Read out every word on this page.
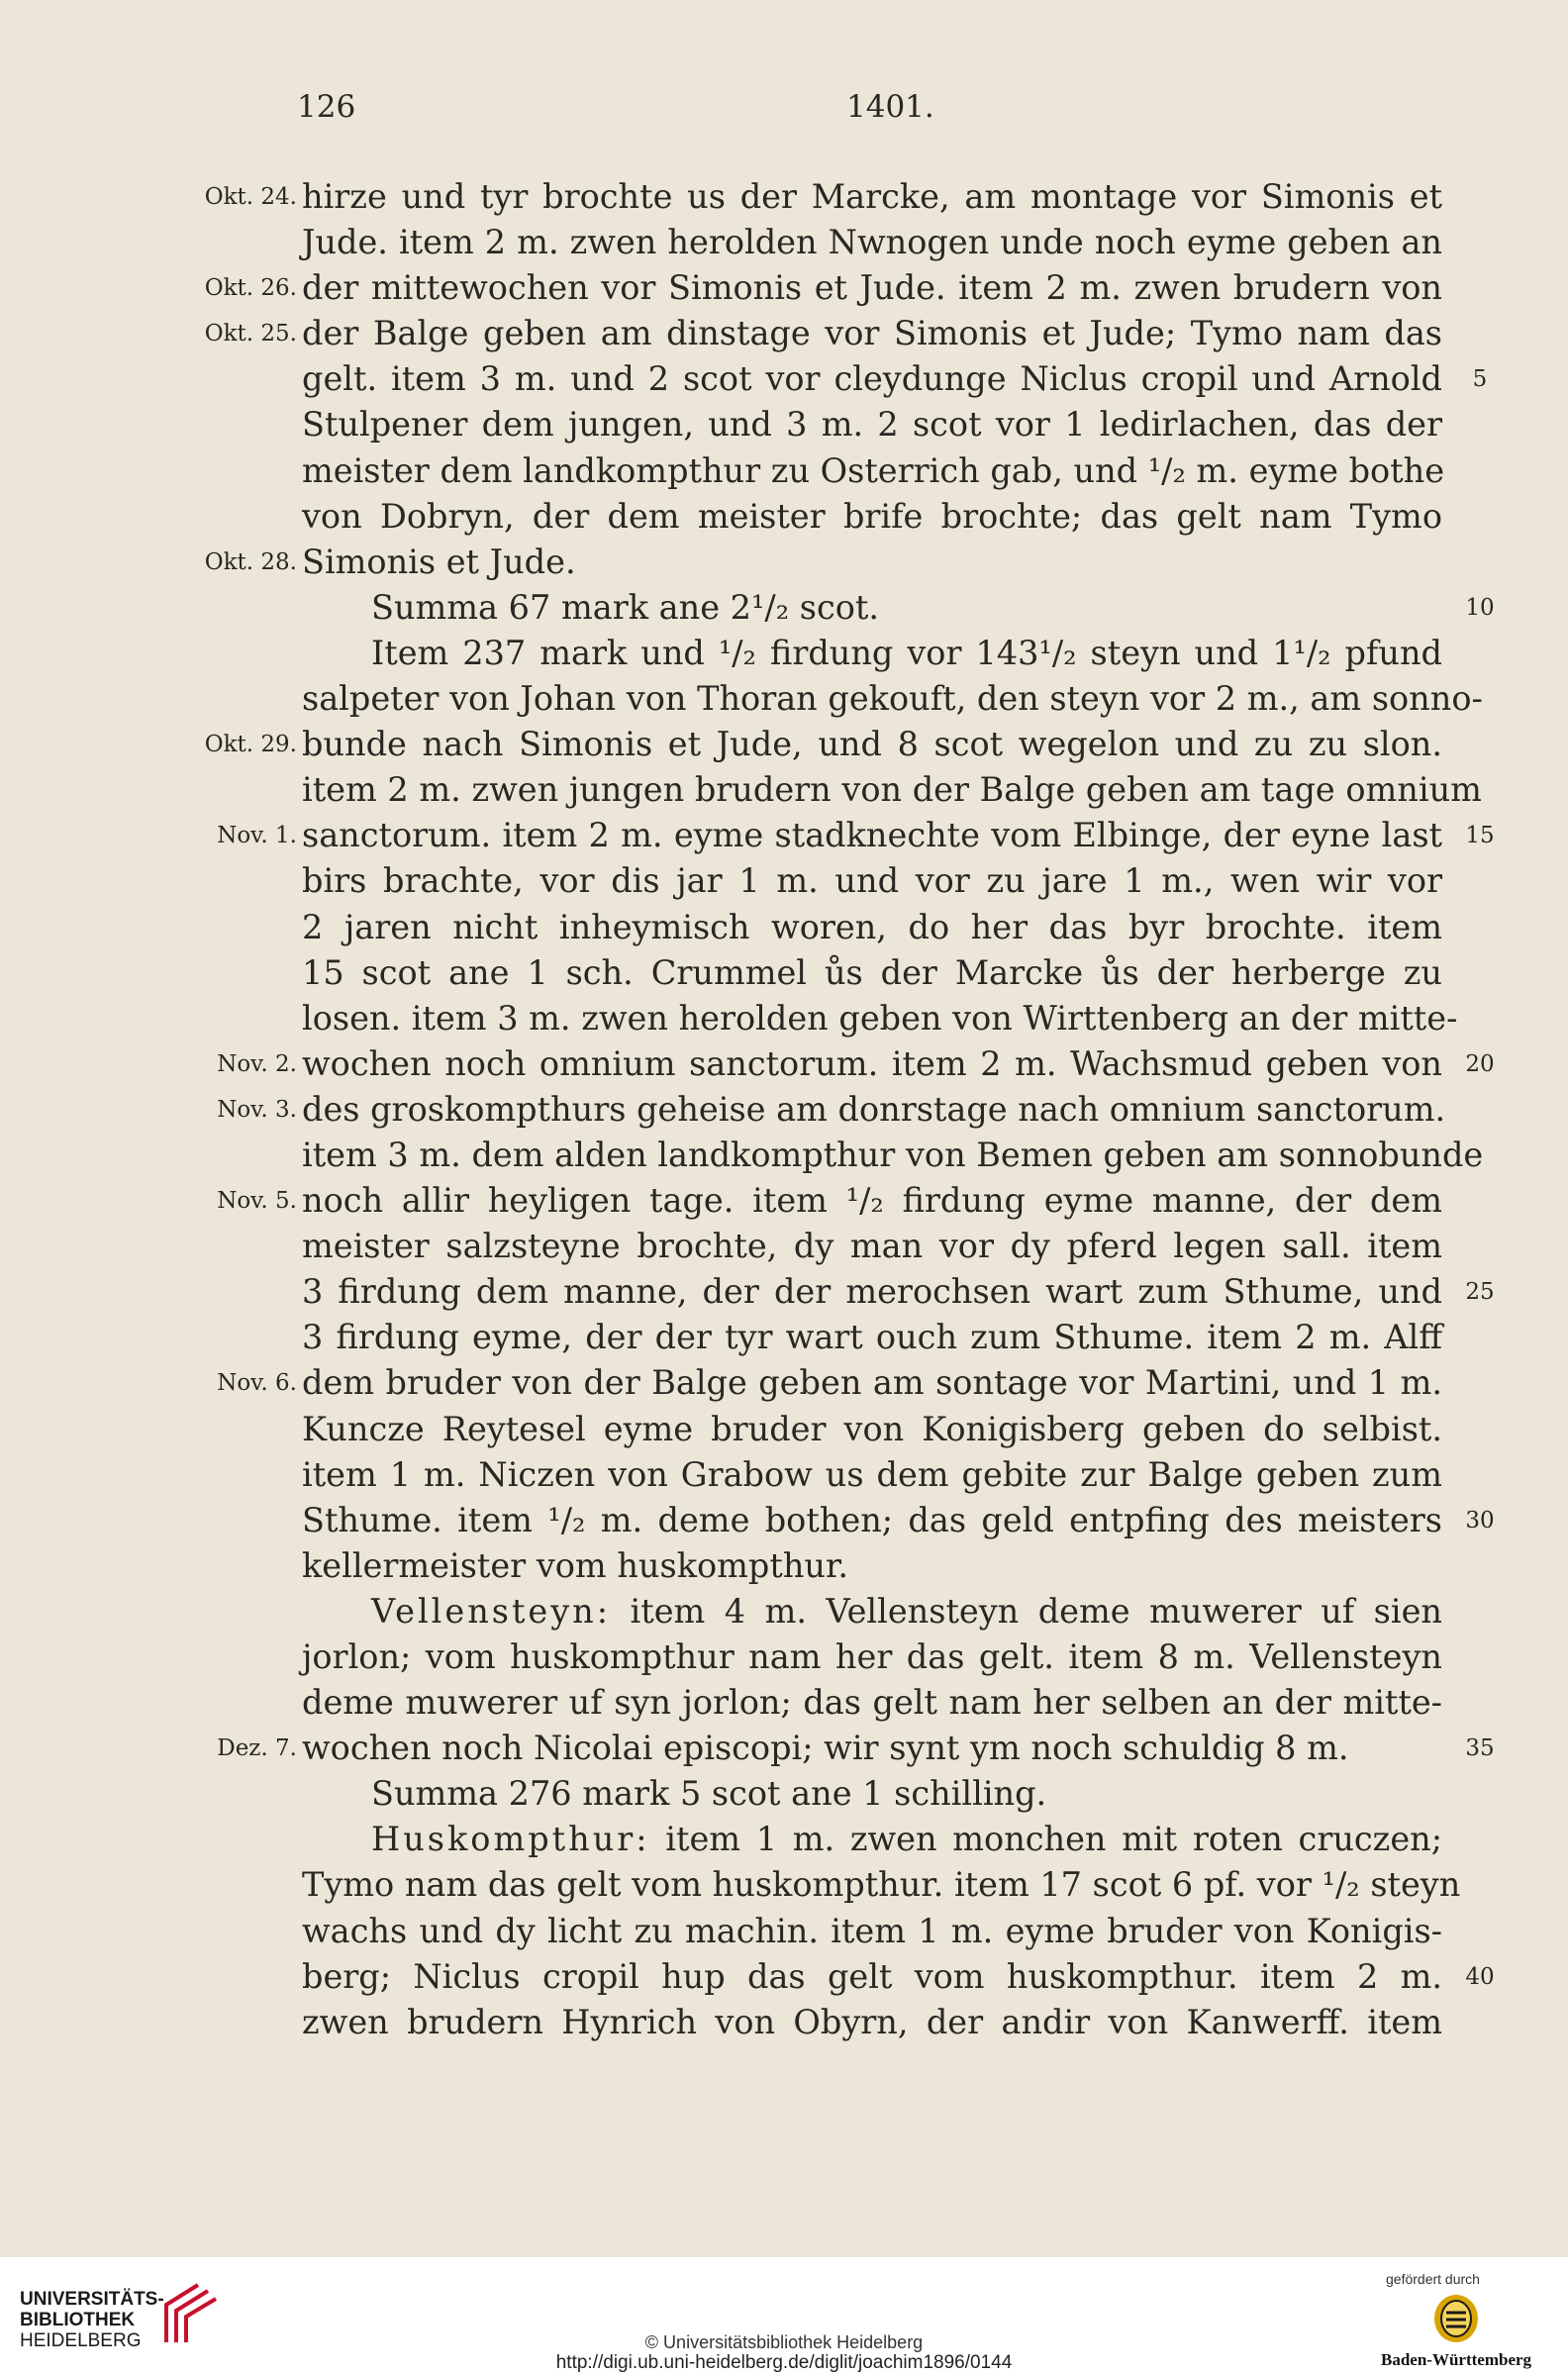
126	1401.
Okt. 24. hirze und tyr brochte us der Marcke, am montage vor Simonis et
Jude. item 2 m. zwen herolden Nwnogen unde noch eyme geben an
Okt. 26. der mittewochen vor Simonis et Jude. item 2 m. zwen brudern von
Okt. 25. der Balge geben am dinstage vor Simonis et Jude; Tymo nam das
gelt. item 3 m. und 2 scot vor cleydunge Niclus cropil und Arnold	5
Stulpener dem jungen, und 3 m. 2 scot vor 1 ledirlachen, das der
meister dem landkompthur zu Osterrich gab, und ¹/₂ m. eyme bothe
von Dobryn, der dem meister brife brochte; das gelt nam Tymo
Okt. 28. Simonis et Jude.
Summa 67 mark ane 2¹/₂ scot.	10
Item 237 mark und ¹/₂ firdung vor 143¹/₂ steyn und 1¹/₂ pfund
salpeter von Johan von Thoran gekouft, den steyn vor 2 m., am sonno-
Okt. 29. bunde nach Simonis et Jude, und 8 scot wegelon und zu zu slon.
item 2 m. zwen jungen brudern von der Balge geben am tage omnium
Nov. 1. sanctorum. item 2 m. eyme stadknechte vom Elbinge, der eyne last 15
birs brachte, vor dis jar 1 m. und vor zu jare 1 m., wen wir vor
2 jaren nicht inheymisch woren, do her das byr brochte. item
15 scot ane 1 sch. Crummel ůs der Marcke ůs der herberge zu
losen. item 3 m. zwen herolden geben von Wirttenberg an der mitte-
Nov. 2. wochen noch omnium sanctorum. item 2 m. Wachsmud geben von 20
Nov. 3. des groskompthurs geheise am donrstage nach omnium sanctorum.
item 3 m. dem alden landkompthur von Bemen geben am sonnobunde
Nov. 5. noch allir heyligen tage. item ¹/₂ firdung eyme manne, der dem
meister salzsteyne brochte, dy man vor dy pferd legen sall. item
3 firdung dem manne, der der merochsen wart zum Sthume, und 25
3 firdung eyme, der der tyr wart ouch zum Sthume. item 2 m. Alff
Nov. 6. dem bruder von der Balge geben am sontage vor Martini, und 1 m.
Kuncze Reytesel eyme bruder von Konigisberg geben do selbist.
item 1 m. Niczen von Grabow us dem gebite zur Balge geben zum
Sthume. item ¹/₂ m. deme bothen; das geld entpfing des meisters 30
kellermeister vom huskompthur.
Vellensteyn: item 4 m. Vellensteyn deme muwerer uf sien
jorlon; vom huskompthur nam her das gelt. item 8 m. Vellensteyn
deme muwerer uf syn jorlon; das gelt nam her selben an der mitte-
Dez. 7. wochen noch Nicolai episcopi; wir synt ym noch schuldig 8 m.	35
Summa 276 mark 5 scot ane 1 schilling.
Huskompthur: item 1 m. zwen monchen mit roten cruczen;
Tymo nam das gelt vom huskompthur. item 17 scot 6 pf. vor ¹/₂ steyn
wachs und dy licht zu machin. item 1 m. eyme bruder von Konigis-
berg; Niclus cropil hup das gelt vom huskompthur. item 2 m. 40
zwen brudern Hynrich von Obyrn, der andir von Kanwerff. item
UNIVERSITÄTS-
BIBLIOTHEK
HEIDELBERG	© Universitätsbibliothek Heidelberg
http://digi.ub.uni-heidelberg.de/diglit/joachim1896/0144
gefördert durch
Baden-Württemberg
